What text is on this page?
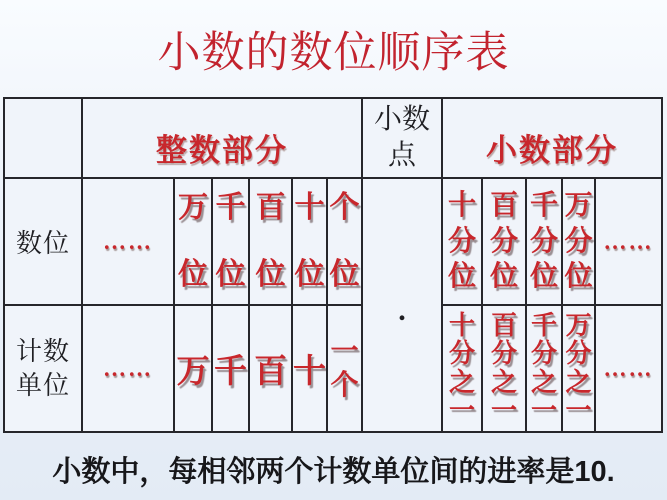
小数的数位顺序表
整数部分
小数点	小数部分
数位 ……
万
位
千
位
百
位
十
位
个
位
.
十
分
位
百
分
位
千
分
位
万
分
位
……
计数单位
…… 万 千 百 十
一
个
十
分
之
一
百
分
之
一
千
分
之
一
万
分
之
一
……

小数中，每相邻两个计数单位间的进率是10.
